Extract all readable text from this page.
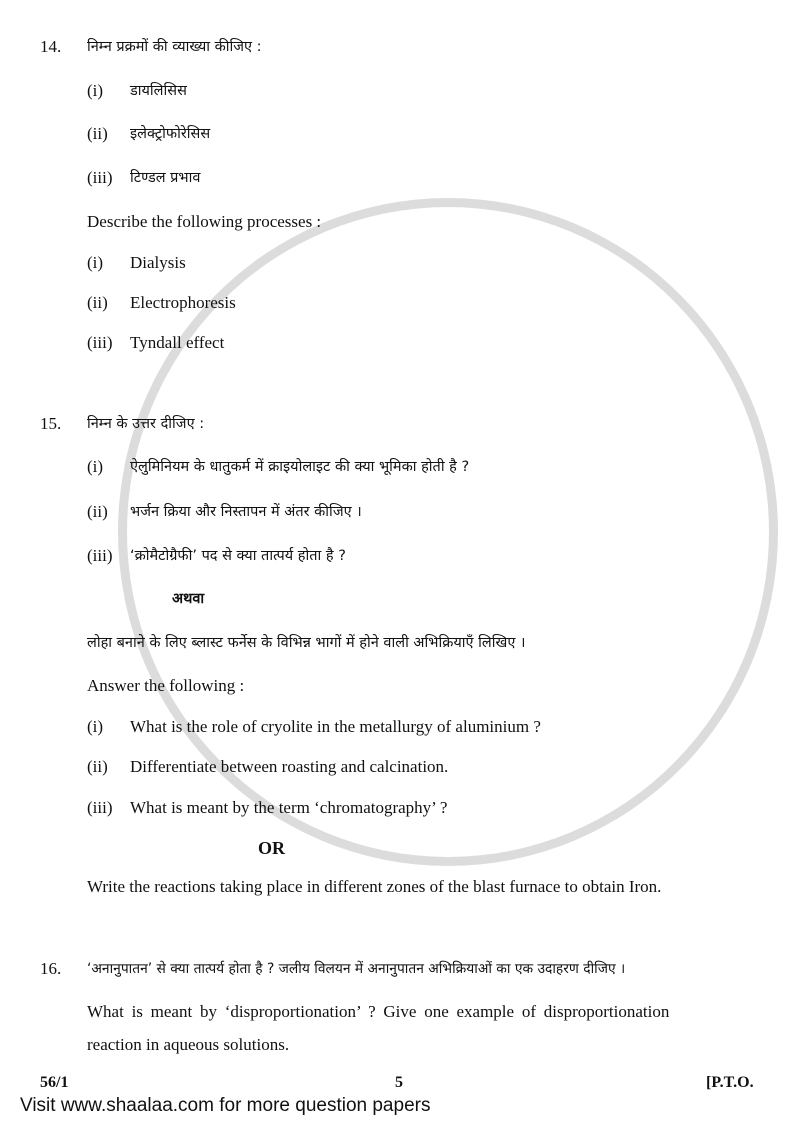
14. निम्न प्रक्रमों की व्याख्या कीजिए :
(i) डायलिसिस
(ii) इलेक्ट्रोफोरेसिस
(iii) टिण्डल प्रभाव
Describe the following processes :
(i) Dialysis
(ii) Electrophoresis
(iii) Tyndall effect
15. निम्न के उत्तर दीजिए :
(i) ऐलुमिनियम के धातुकर्म में क्राइयोलाइट की क्या भूमिका होती है ?
(ii) भर्जन क्रिया और निस्तापन में अंतर कीजिए ।
(iii) ‘क्रोमैटोग्रैफी’ पद से क्या तात्पर्य होता है ?
अथवा
लोहा बनाने के लिए ब्लास्ट फर्नेस के विभिन्न भागों में होने वाली अभिक्रियाएँ लिखिए ।
Answer the following :
(i) What is the role of cryolite in the metallurgy of aluminium ?
(ii) Differentiate between roasting and calcination.
(iii) What is meant by the term ‘chromatography’ ?
OR
Write the reactions taking place in different zones of the blast furnace to obtain Iron.
16. ‘अनानुपातन’ से क्या तात्पर्य होता है ? जलीय विलयन में अनानुपातन अभिक्रियाओं का एक उदाहरण दीजिए ।
What is meant by ‘disproportionation’ ? Give one example of disproportionation
reaction in aqueous solutions.
56/1	5	[P.T.O.
Visit www.shaalaa.com for more question papers
